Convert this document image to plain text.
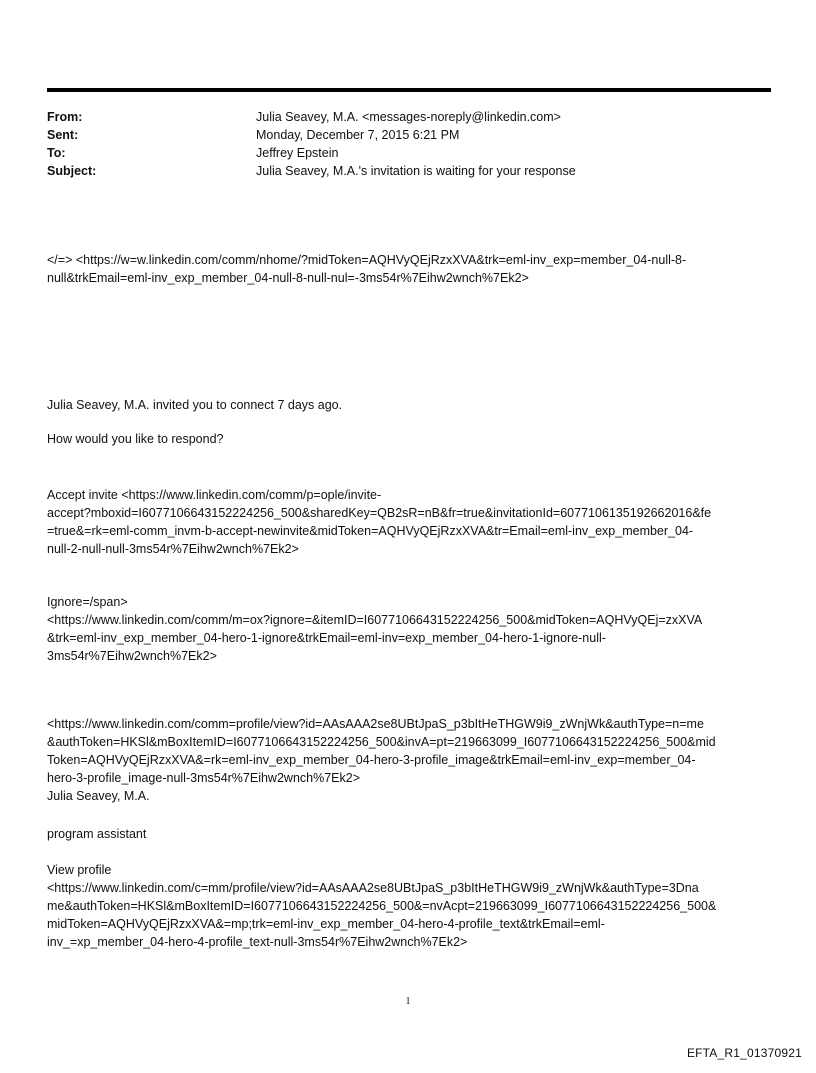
From:	Julia Seavey, M.A. <messages-noreply@linkedin.com>
Sent:	Monday, December 7, 2015 6:21 PM
To:	Jeffrey Epstein
Subject:	Julia Seavey, M.A.'s invitation is waiting for your response
</=> <https://w=w.linkedin.com/comm/nhome/?midToken=AQHVyQEjRzxXVA&trk=eml-inv_exp=member_04-null-8-
null&trkEmail=eml-inv_exp_member_04-null-8-null-nul=-3ms54r%7Eihw2wnch%7Ek2>
Julia Seavey, M.A. invited you to connect 7 days ago.
How would you like to respond?
Accept invite <https://www.linkedin.com/comm/p=ople/invite-
accept?mboxid=I6077106643152224256_500&sharedKey=QB2sR=nB&fr=true&invitationId=6077106135192662016&fe
=true&=rk=eml-comm_invm-b-accept-newinvite&midToken=AQHVyQEjRzxXVA&tr=Email=eml-inv_exp_member_04-
null-2-null-null-3ms54r%7Eihw2wnch%7Ek2>
Ignore=/span>
<https://www.linkedin.com/comm/m=ox?ignore=&itemID=I6077106643152224256_500&midToken=AQHVyQEj=zxXVA
&trk=eml-inv_exp_member_04-hero-1-ignore&trkEmail=eml-inv=exp_member_04-hero-1-ignore-null-
3ms54r%7Eihw2wnch%7Ek2>
<https://www.linkedin.com/comm=profile/view?id=AAsAAA2se8UBtJpaS_p3bItHeTHGW9i9_zWnjWk&authType=n=me
&authToken=HKSl&mBoxItemID=I6077106643152224256_500&invA=pt=219663099_I6077106643152224256_500&mid
Token=AQHVyQEjRzxXVA&=rk=eml-inv_exp_member_04-hero-3-profile_image&trkEmail=eml-inv_exp=member_04-
hero-3-profile_image-null-3ms54r%7Eihw2wnch%7Ek2>
Julia Seavey, M.A.
program assistant
View profile
<https://www.linkedin.com/c=mm/profile/view?id=AAsAAA2se8UBtJpaS_p3bItHeTHGW9i9_zWnjWk&authType=3Dna
me&authToken=HKSl&mBoxItemID=I6077106643152224256_500&=nvAcpt=219663099_I6077106643152224256_500&
midToken=AQHVyQEjRzxXVA&=mp;trk=eml-inv_exp_member_04-hero-4-profile_text&trkEmail=eml-
inv_=xp_member_04-hero-4-profile_text-null-3ms54r%7Eihw2wnch%7Ek2>
1
EFTA_R1_01370921
